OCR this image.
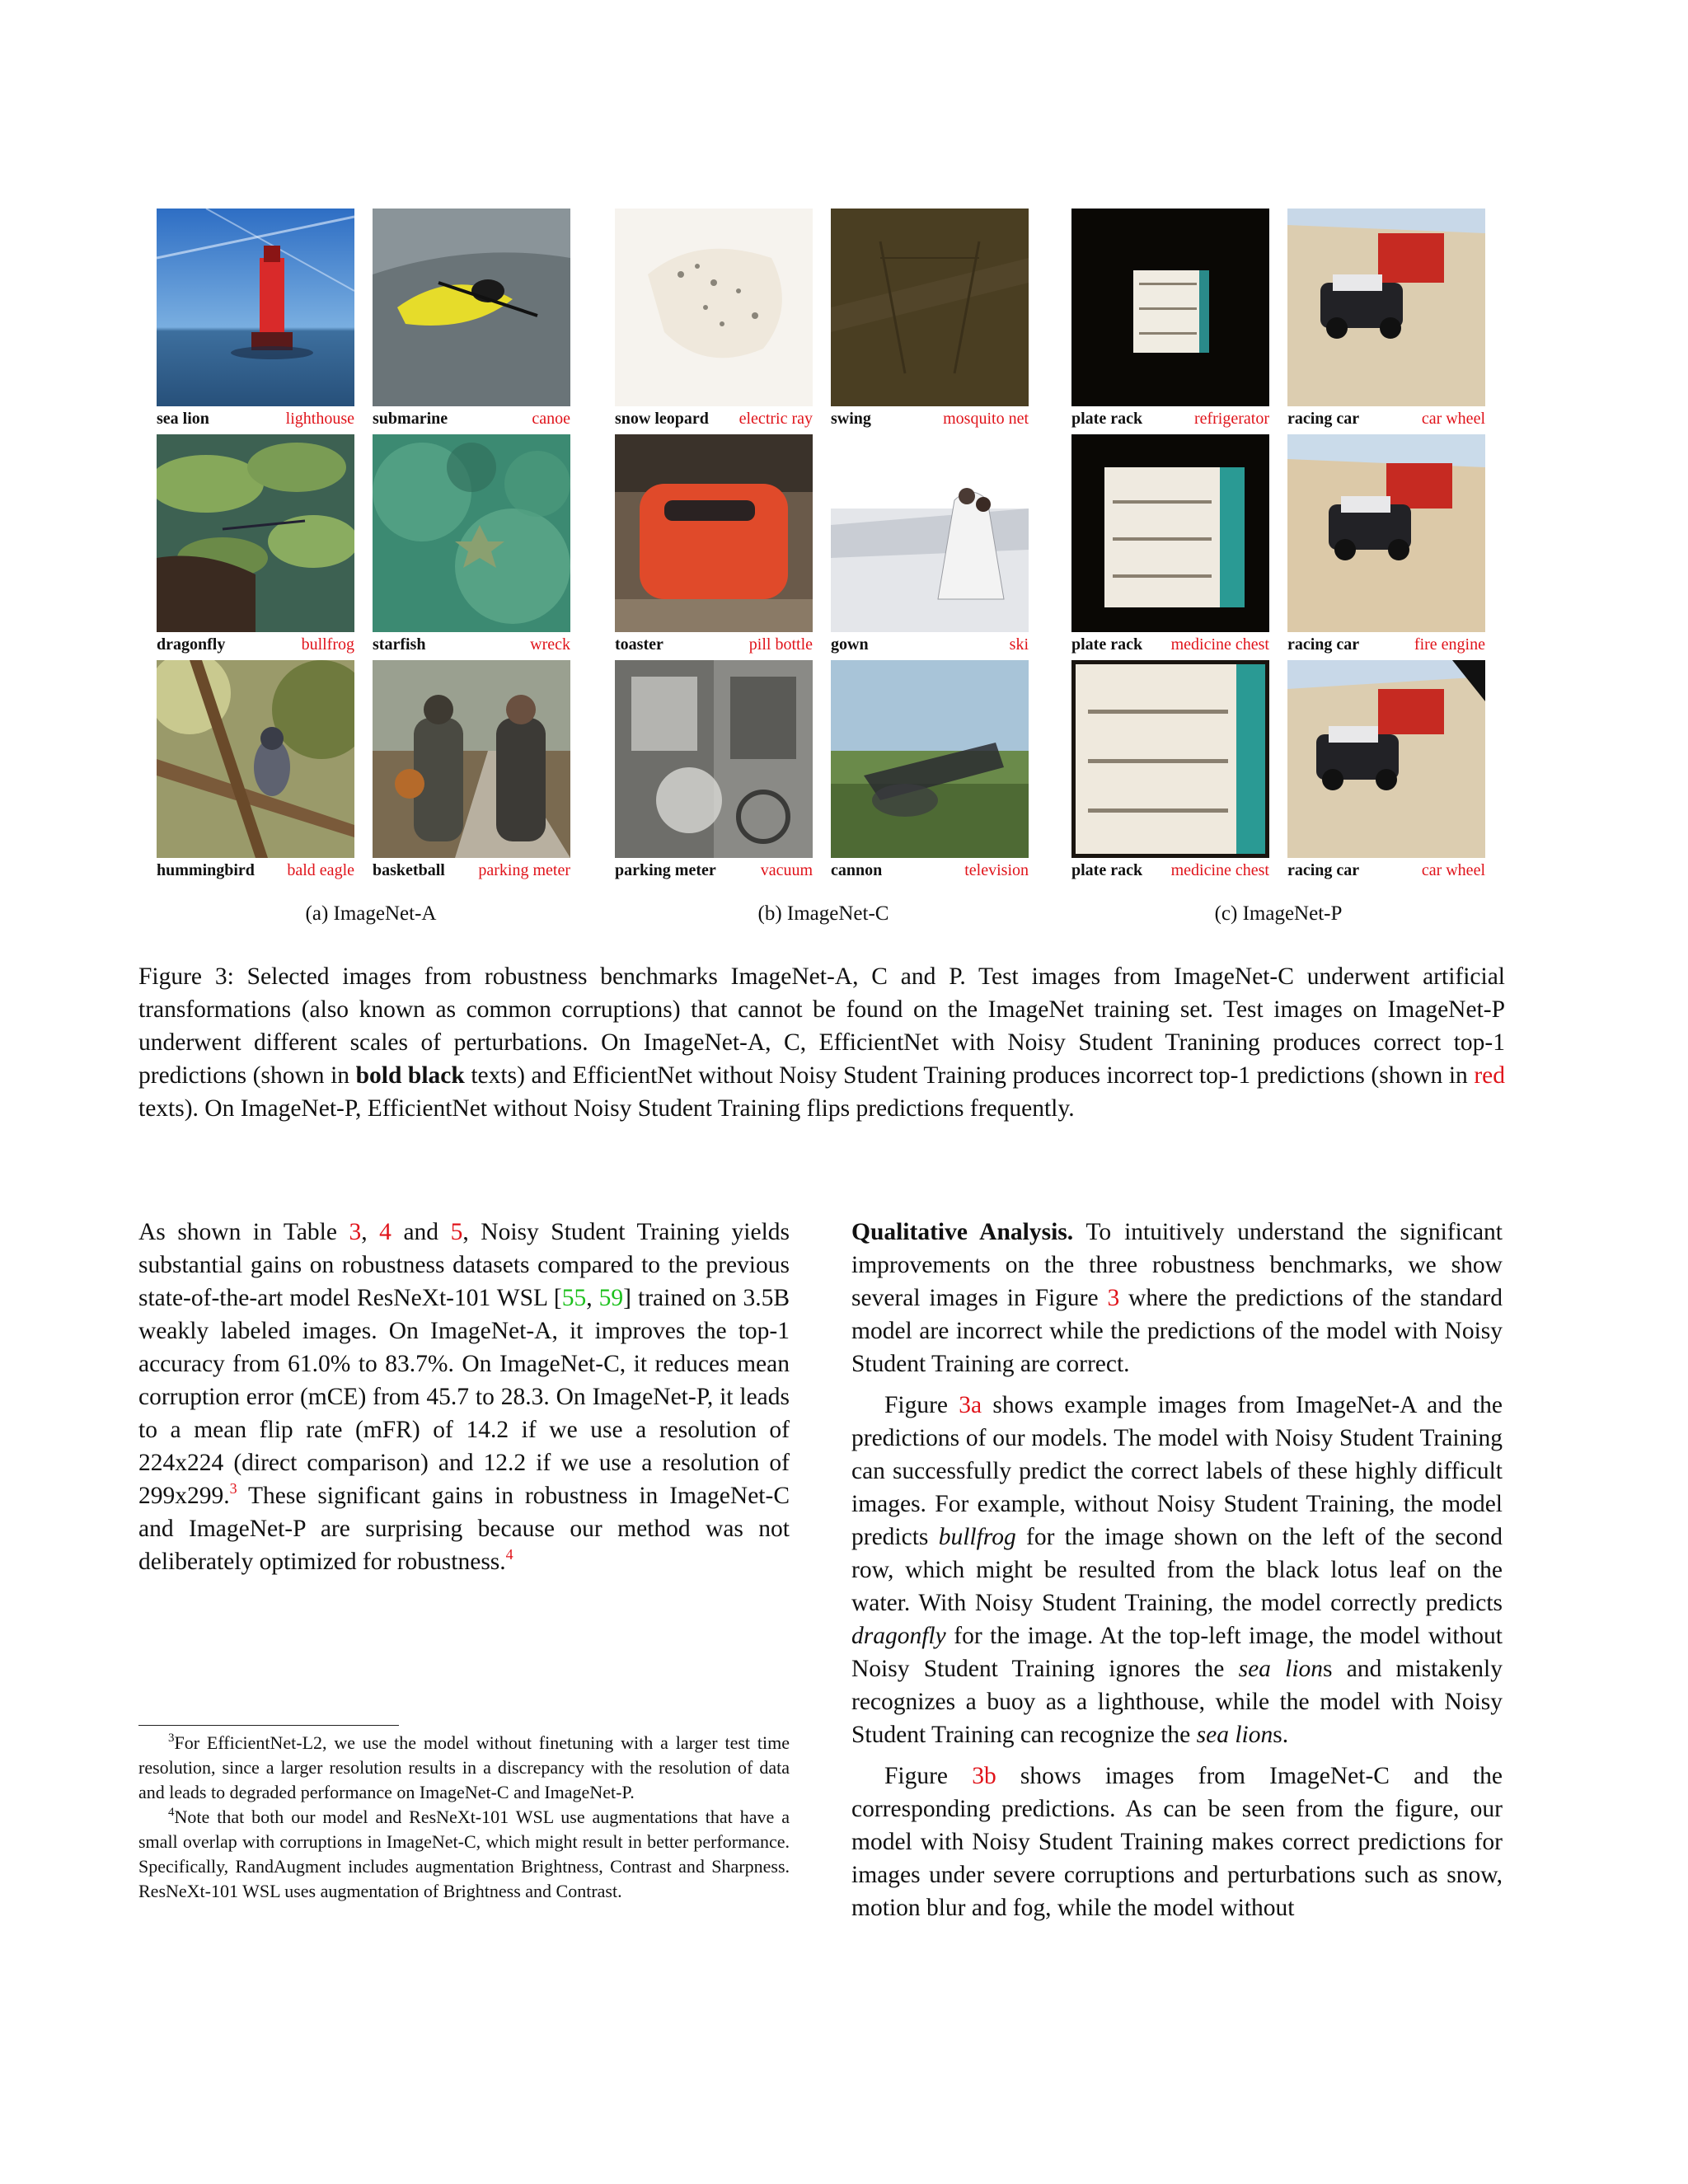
sea lion	lighthouse
dragonfly	bullfrog
hummingbird bald eagle
submarine	canoe
starfish	wreck
basketball parking meter
snow leopard electric ray
toaster	pill bottle
parking meter	vacuum
swing	mosquito net
gown	ski
cannon	television
plate rack	refrigerator
plate rack medicine chest
plate rack medicine chest
racing car	car wheel
racing car	fire engine
racing car	car wheel
(a) ImageNet-A	(b) ImageNet-C	(c) ImageNet-P
Figure 3: Selected images from robustness benchmarks ImageNet-A, C and P. Test images from ImageNet-C underwent artificial transformations (also known as common corruptions) that cannot be found on the ImageNet training set. Test images on ImageNet-P underwent different scales of perturbations. On ImageNet-A, C, EfficientNet with Noisy Student Tranining produces correct top-1 predictions (shown in bold black texts) and EfficientNet without Noisy Student Training produces incorrect top-1 predictions (shown in red texts). On ImageNet-P, EfficientNet without Noisy Student Training flips predictions frequently.

As shown in Table 3, 4 and 5, Noisy Student Training yields substantial gains on robustness datasets compared to the previous state-of-the-art model ResNeXt-101 WSL [55, 59] trained on 3.5B weakly labeled images. On ImageNet-A, it improves the top-1 accuracy from 61.0% to 83.7%. On ImageNet-C, it reduces mean corruption error (mCE) from 45.7 to 28.3. On ImageNet-P, it leads to a mean flip rate (mFR) of 14.2 if we use a resolution of 224x224 (direct comparison) and 12.2 if we use a resolution of 299x299.$^3$ These significant gains in robustness in ImageNet-C and ImageNet-P are surprising because our method was not deliberately optimized for robustness.$^4$

$^3$For EfficientNet-L2, we use the model without finetuning with a larger test time resolution, since a larger resolution results in a discrepancy with the resolution of data and leads to degraded performance on ImageNet-C and ImageNet-P.

$^4$Note that both our model and ResNeXt-101 WSL use augmentations that have a small overlap with corruptions in ImageNet-C, which might result in better performance. Specifically, RandAugment includes augmentation Brightness, Contrast and Sharpness. ResNeXt-101 WSL uses augmentation of Brightness and Contrast.

Qualitative Analysis. To intuitively understand the significant improvements on the three robustness benchmarks, we show several images in Figure 3 where the predictions of the standard model are incorrect while the predictions of the model with Noisy Student Training are correct.

Figure 3a shows example images from ImageNet-A and the predictions of our models. The model with Noisy Student Training can successfully predict the correct labels of these highly difficult images. For example, without Noisy Student Training, the model predicts bullfrog for the image shown on the left of the second row, which might be resulted from the black lotus leaf on the water. With Noisy Student Training, the model correctly predicts dragonfly for the image. At the top-left image, the model without Noisy Student Training ignores the sea lions and mistakenly recognizes a buoy as a lighthouse, while the model with Noisy Student Training can recognize the sea lions.

Figure 3b shows images from ImageNet-C and the corresponding predictions. As can be seen from the figure, our model with Noisy Student Training makes correct predictions for images under severe corruptions and perturbations such as snow, motion blur and fog, while the model without
